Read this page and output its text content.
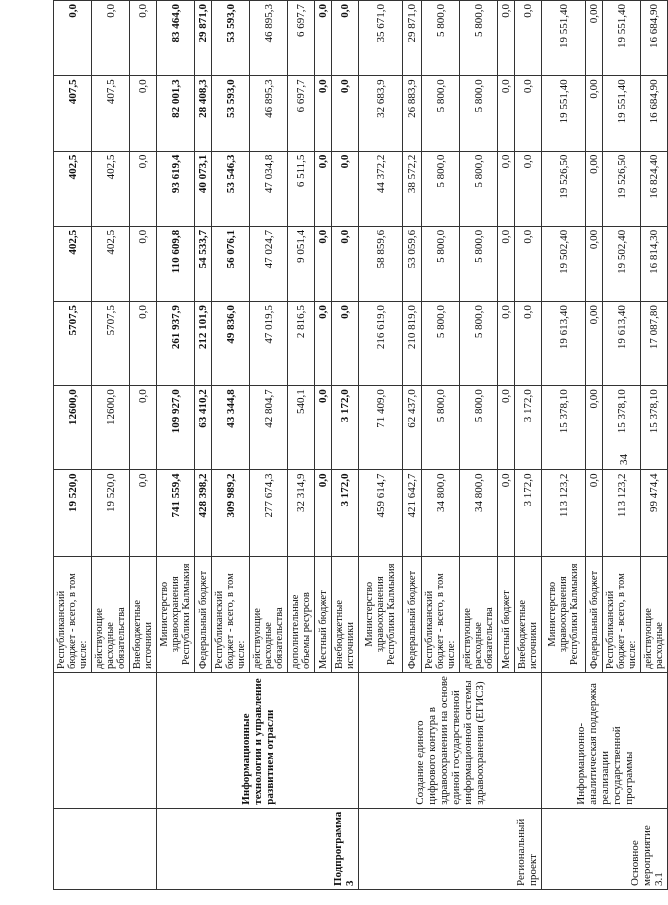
		Республиканский бюджет - всего, в том числе:	19 520,0	12600,0	5707,5	402,5	402,5	407,5	0,0
		действующие расходные обязательства	19 520,0	12600,0	5707,5	402,5	402,5	407,5	0,0
		Внебюджетные источники	0,0	0,0	0,0	0,0	0,0	0,0	0,0
Подпрограмма 3	Информационные технологии и управление развитием отрасли	Министерство здравоохранения Республики Калмыкия	741 559,4	109 927,0	261 937,9	110 609,8	93 619,4	82 001,3	83 464,0
		Федеральный бюджет	428 398,2	63 410,2	212 101,9	54 533,7	40 073,1	28 408,3	29 871,0
		Республиканский бюджет - всего, в том числе:	309 989,2	43 344,8	49 836,0	56 076,1	53 546,3	53 593,0	53 593,0
		действующие расходные обязательства	277 674,3	42 804,7	47 019,5	47 024,7	47 034,8	46 895,3	46 895,3
		дополнительные объемы ресурсов	32 314,9	540,1	2 816,5	9 051,4	6 511,5	6 697,7	6 697,7
		Местный бюджет	0,0	0,0	0,0	0,0	0,0	0,0	0,0
		Внебюджетные источники	3 172,0	3 172,0	0,0	0,0	0,0	0,0	0,0
Региональный проект	Создание единого цифрового контура в здравоохранении на основе единой государственной информационной системы здравоохранения (ЕГИСЗ)	Министерство здравоохранения Республики Калмыкия	459 614,7	71 409,0	216 619,0	58 859,6	44 372,2	32 683,9	35 671,0
		Федеральный бюджет	421 642,7	62 437,0	210 819,0	53 059,6	38 572,2	26 883,9	29 871,0
		Республиканский бюджет - всего, в том числе:	34 800,0	5 800,0	5 800,0	5 800,0	5 800,0	5 800,0	5 800,0
		действующие расходные обязательства	34 800,0	5 800,0	5 800,0	5 800,0	5 800,0	5 800,0	5 800,0
		Местный бюджет	0,0	0,0	0,0	0,0	0,0	0,0	0,0
		Внебюджетные источники	3 172,0	3 172,0	0,0	0,0	0,0	0,0	0,0
Основное мероприятие 3.1	Информационно-аналитическая поддержка реализации государственной программы	Министерство здравоохранения Республики Калмыкия	113 123,2	15 378,10	19 613,40	19 502,40	19 526,50	19 551,40	19 551,40
		Федеральный бюджет	0,0	0,00	0,00	0,00	0,00	0,00	0,00
		Республиканский бюджет - всего, в том числе:	113 123,2	15 378,10	19 613,40	19 502,40	19 526,50	19 551,40	19 551,40
		действующие расходные	99 474,4	15 378,10	17 087,80	16 814,30	16 824,40	16 684,90	16 684,90
34
